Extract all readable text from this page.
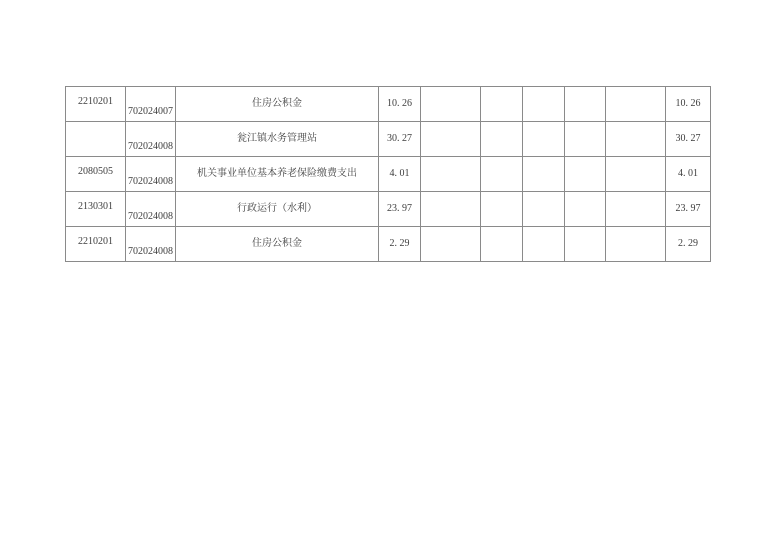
2210201	702024007	住房公积金	10. 26						10. 26
	702024008	瓮江镇水务管理站	30. 27						30. 27
2080505	702024008	机关事业单位基本养老保险缴费支出	4. 01						4. 01
2130301	702024008	行政运行（水利）	23. 97						23. 97
2210201	702024008	住房公积金	2. 29						2. 29
